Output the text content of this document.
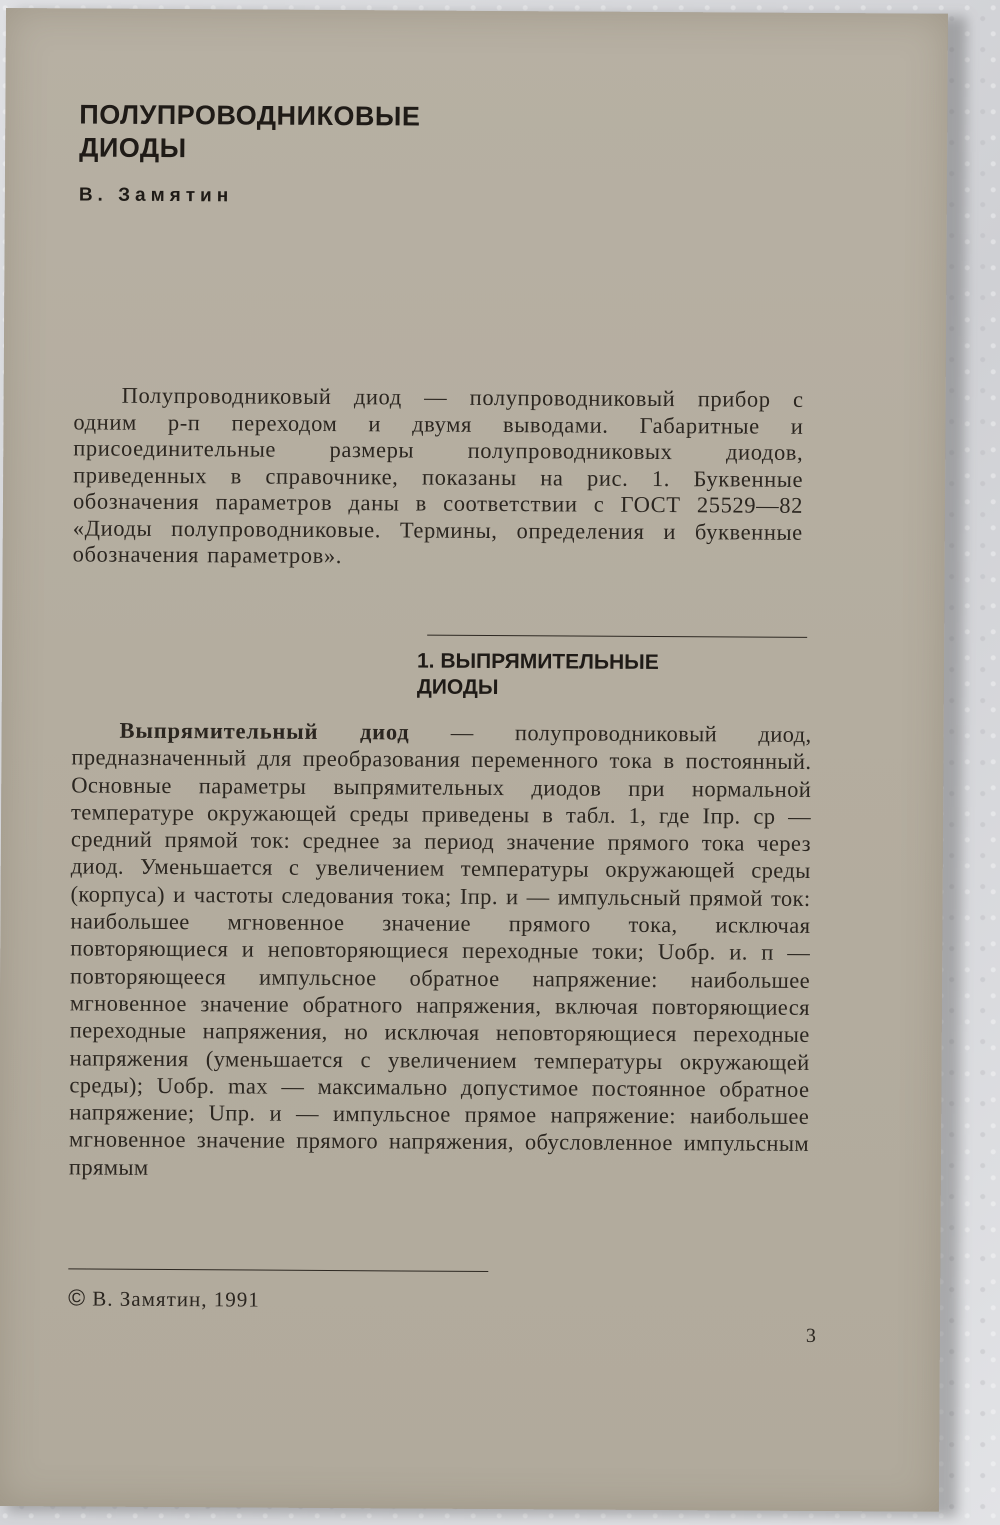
ПОЛУПРОВОДНИКОВЫЕ
ДИОДЫ

В. Замятин

Полупроводниковый диод — полупроводниковый прибор с одним р-п переходом и двумя выводами. Габаритные и присоединительные размеры полупроводниковых диодов, приведенных в справочнике, показаны на рис. 1. Буквенные обозначения параметров даны в соответствии с ГОСТ 25529—82 «Диоды полупроводниковые. Термины, определения и буквенные обозначения параметров».

1. ВЫПРЯМИТЕЛЬНЫЕ
ДИОДЫ

Выпрямительный диод — полупроводниковый диод, предназначенный для преобразования переменного тока в постоянный. Основные параметры выпрямительных диодов при нормальной температуре окружающей среды приведены в табл. 1, где Iпр. ср — средний прямой ток: среднее за период значение прямого тока через диод. Уменьшается с увеличением температуры окружающей среды (корпуса) и частоты следования тока; Iпр. и — импульсный прямой ток: наибольшее мгновенное значение прямого тока, исключая повторяющиеся и неповторяющиеся переходные токи; Uобр. и. п — повторяющееся импульсное обратное напряжение: наибольшее мгновенное значение обратного напряжения, включая повторяющиеся переходные напряжения, но исключая неповторяющиеся переходные напряжения (уменьшается с увеличением температуры окружающей среды); Uобр. max — максимально допустимое постоянное обратное напряжение; Uпр. и — импульсное прямое напряжение: наибольшее мгновенное значение прямого напряжения, обусловленное импульсным прямым

© В. Замятин, 1991

3
